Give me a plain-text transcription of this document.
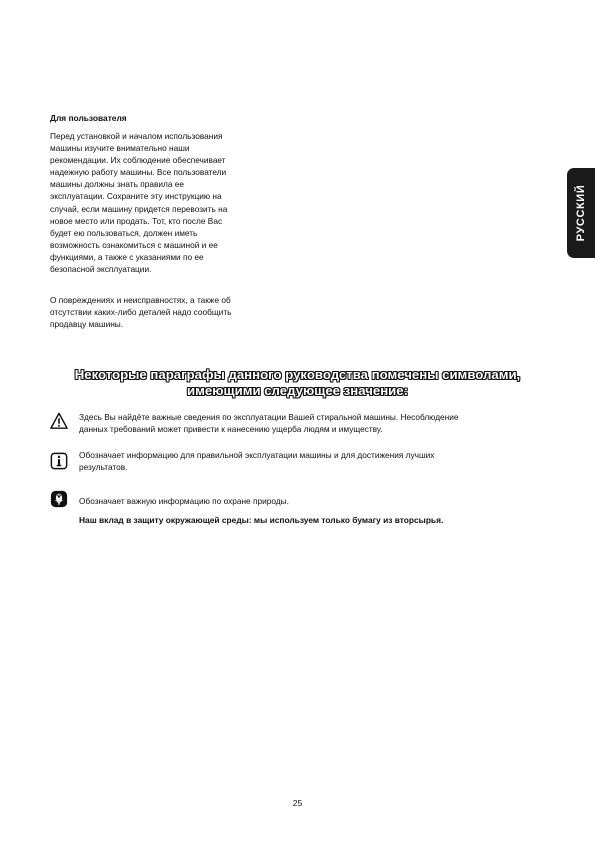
Для пользователя
Перед установкой и началом использования
машины изучите внимательно наши
рекомендации. Их соблюдение обеспечивает
надежную работу машины. Все пользователи
машины должны знать правила ее
эксплуатации. Сохраните эту инструкцию на
случай, если машину придется перевозить на
новое место или продать. Тот, кто после Вас
будет ею пользоваться, должен иметь
возможность ознакомиться с машиной и ее
функциями, а также с указаниями по ее
безопасной эксплуатации.
О повреждениях и неисправностях, а также об
отсутствии каких-либо деталей надо сообщить
продавцу машины.
РУССКИЙ
Некоторые параграфы данного руководства помечены символами,
имеющими следующее значение:
Здесь Вы найдёте важные сведения по эксплуатации Вашей стиральной машины. Несоблюдение
данных требований может привести к нанесению ущерба людям и имуществу.
Обозначает информацию для правильной эксплуатации машины и для достижения лучших
результатов.
Обозначает важную информацию по охране природы.
Наш вклад в защиту окружающей среды: мы используем только бумагу из вторсырья.
25
